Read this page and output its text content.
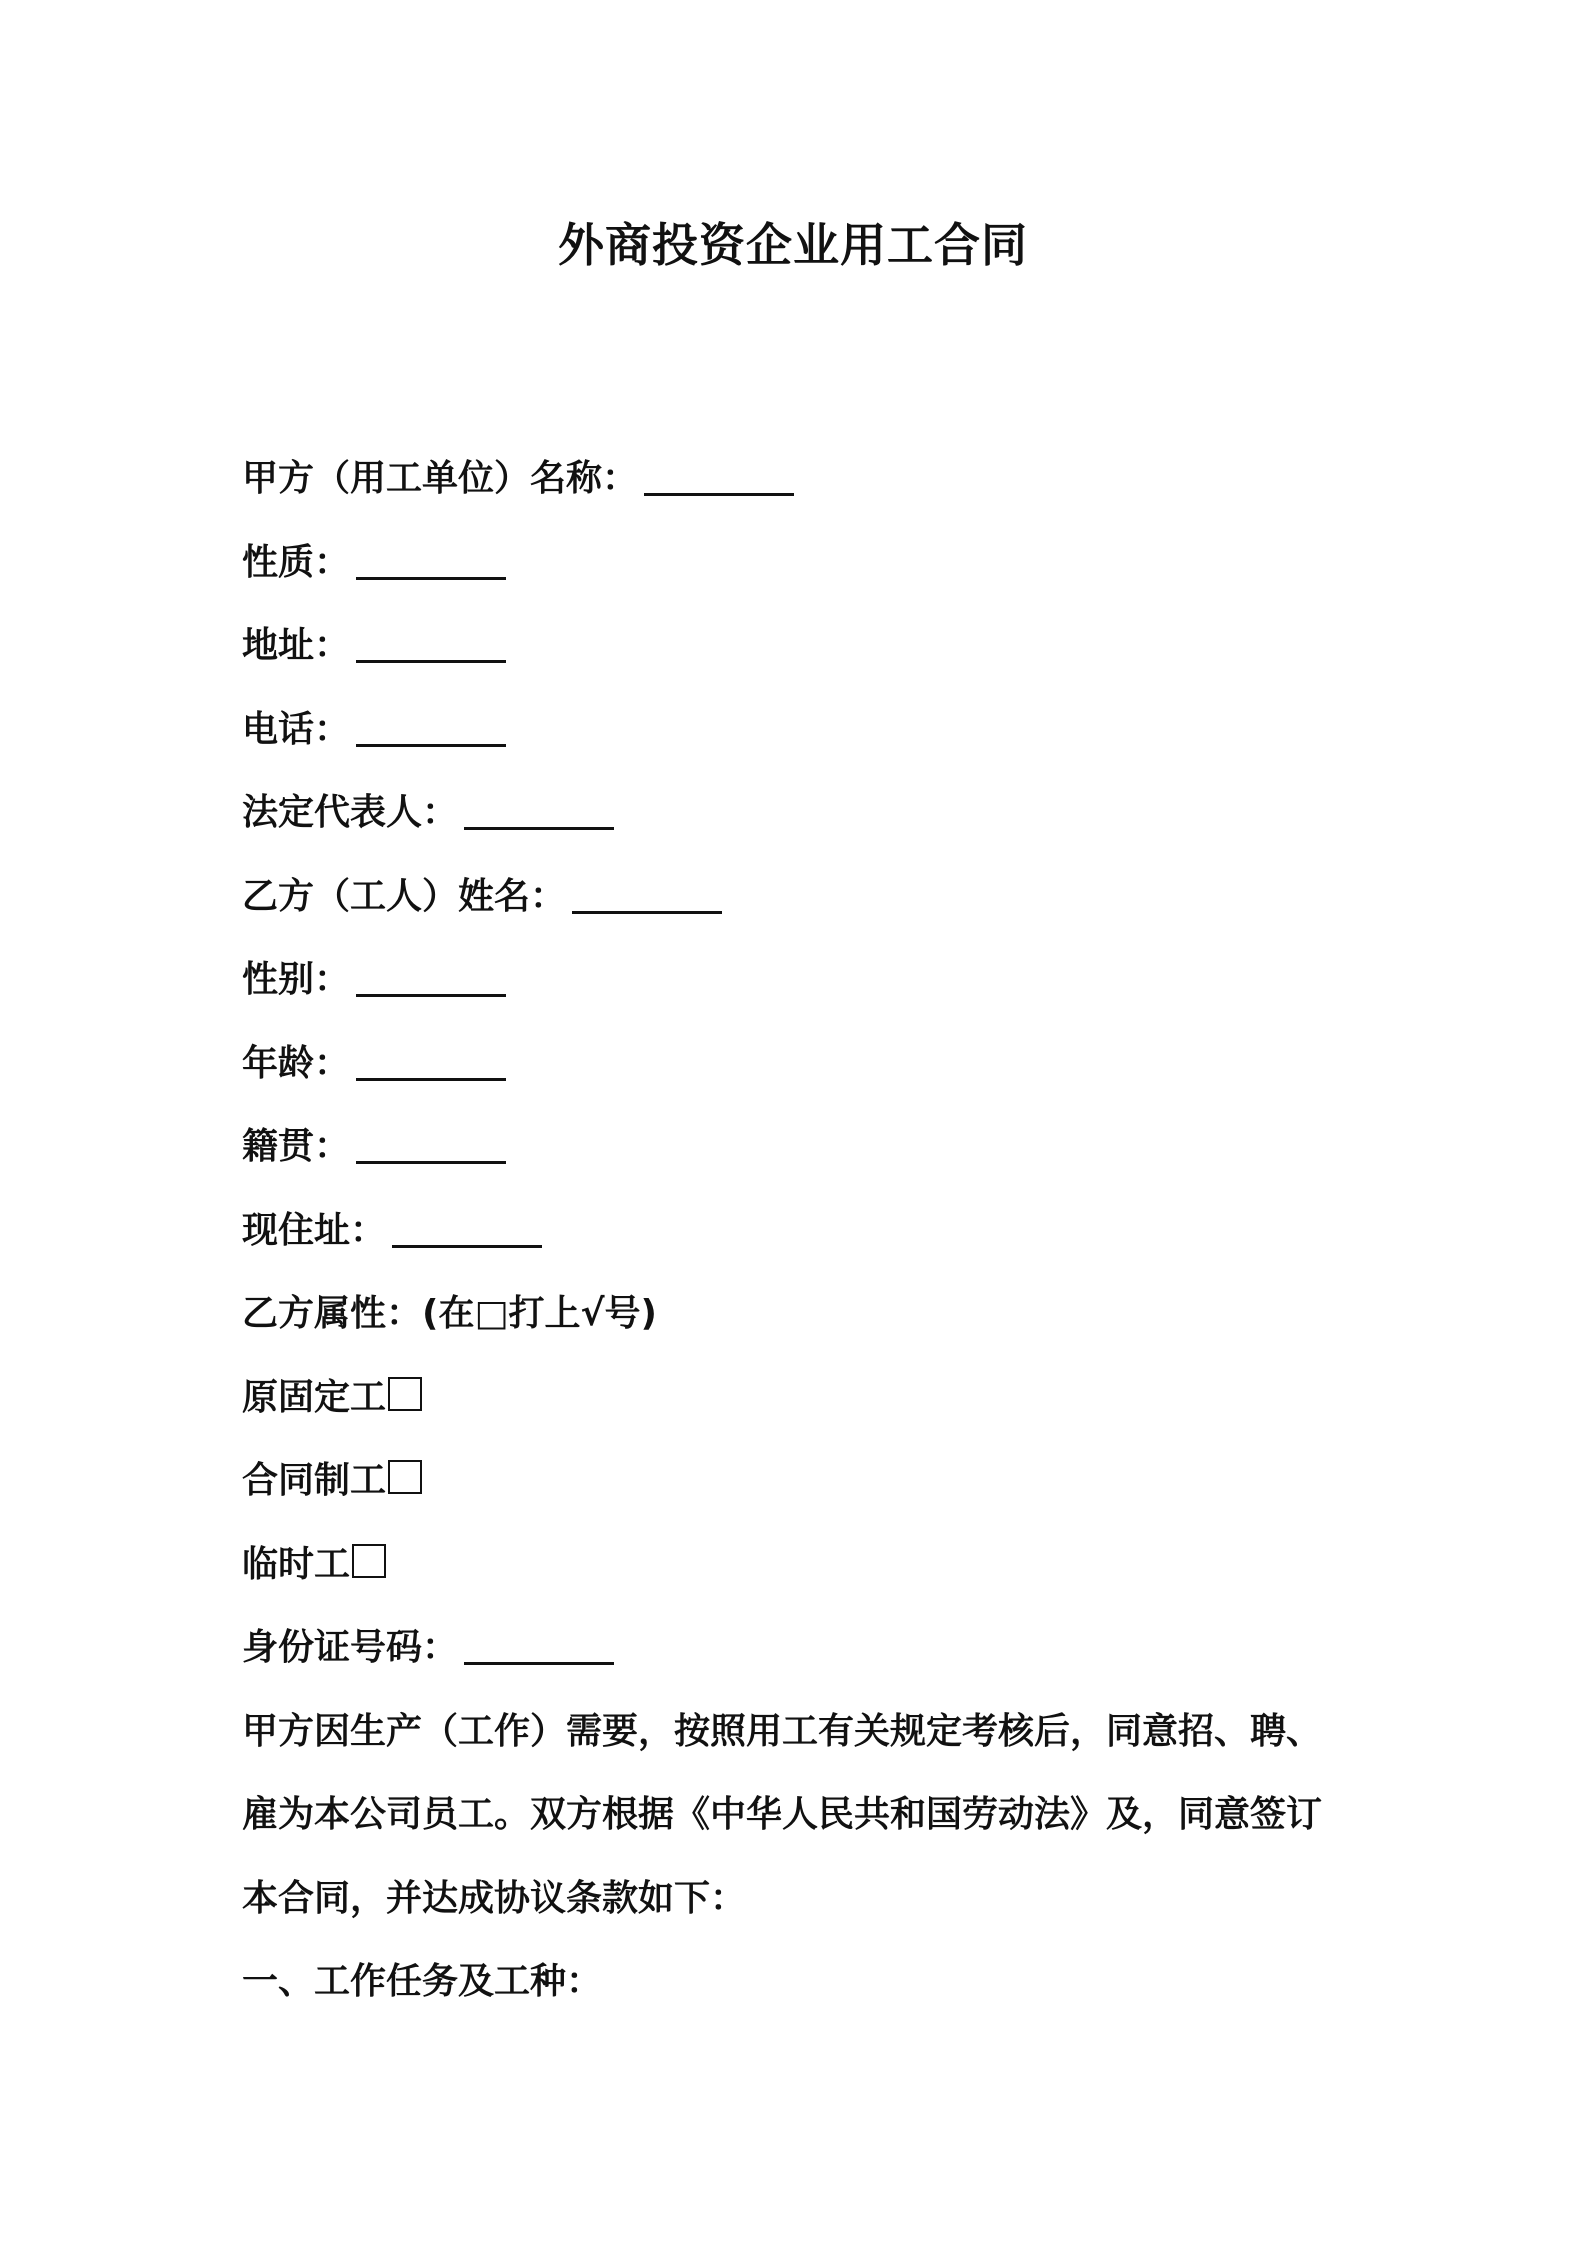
外商投资企业用工合同
甲方（用工单位）名称：
性质：
地址：
电话：
法定代表人：
乙方（工人）姓名：
性别：
年龄：
籍贯：
现住址：
乙方属性：(在□打上√号)
原固定工
合同制工
临时工
身份证号码：
甲方因生产（工作）需要，按照用工有关规定考核后，同意招、聘、
雇为本公司员工。双方根据《中华人民共和国劳动法》及，同意签订
本合同，并达成协议条款如下：
一、工作任务及工种：
